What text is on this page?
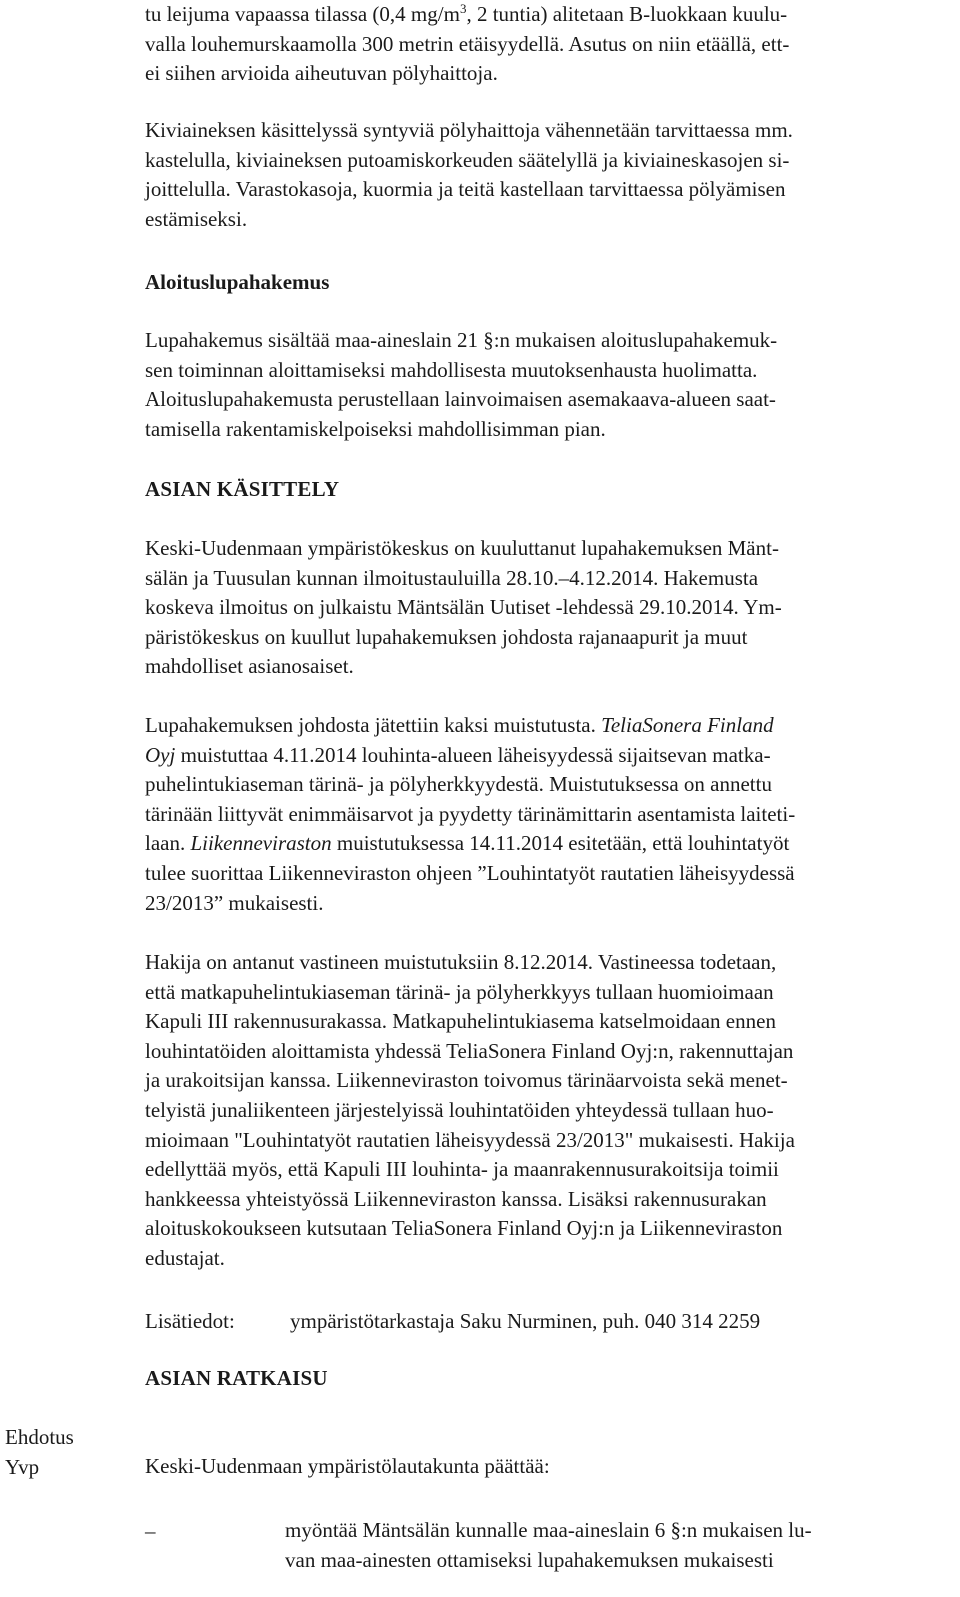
tu leijuma vapaassa tilassa (0,4 $mg/m^3$, 2 tuntia) alitetaan B-luokkaan kuulu-
valla louhemurskaamolla 300 metrin etäisyydellä. Asutus on niin etäällä, ett-
ei siihen arvioida aiheutuvan pölyhaittoja.
Kiviaineksen käsittelyssä syntyviä pölyhaittoja vähennetään tarvittaessa mm.
kastelulla, kiviaineksen putoamiskorkeuden säätelyllä ja kiviaineskasojen si-
joittelulla. Varastokasoja, kuormia ja teitä kastellaan tarvittaessa pölyämisen
estämiseksi.
Aloituslupahakemus
Lupahakemus sisältää maa-aineslain 21 §:n mukaisen aloituslupahakemuk-
sen toiminnan aloittamiseksi mahdollisesta muutoksenhausta huolimatta.
Aloituslupahakemusta perustellaan lainvoimaisen asemakaava-alueen saat-
tamisella rakentamiskelpoiseksi mahdollisimman pian.
ASIAN KÄSITTELY
Keski-Uudenmaan ympäristökeskus on kuuluttanut lupahakemuksen Mänt-
sälän ja Tuusulan kunnan ilmoitustauluilla 28.10.–4.12.2014. Hakemusta
koskeva ilmoitus on julkaistu Mäntsälän Uutiset -lehdessä 29.10.2014. Ym-
päristökeskus on kuullut lupahakemuksen johdosta rajanaapurit ja muut
mahdolliset asianosaiset.
Lupahakemuksen johdosta jätettiin kaksi muistutusta. TeliaSonera Finland
Oyj muistuttaa 4.11.2014 louhinta-alueen läheisyydessä sijaitsevan matka-
puhelintukiaseman tärinä- ja pölyherkkyydestä. Muistutuksessa on annettu
tärinään liittyvät enimmäisarvot ja pyydetty tärinämittarin asentamista laiteti-
laan. Liikenneviraston muistutuksessa 14.11.2014 esitetään, että louhintatyöt
tulee suorittaa Liikenneviraston ohjeen ”Louhintatyöt rautatien läheisyydessä
23/2013” mukaisesti.
Hakija on antanut vastineen muistutuksiin 8.12.2014. Vastineessa todetaan,
että matkapuhelintukiaseman tärinä- ja pölyherkkyys tullaan huomioimaan
Kapuli III rakennusurakassa. Matkapuhelintukiasema katselmoidaan ennen
louhintatöiden aloittamista yhdessä TeliaSonera Finland Oyj:n, rakennuttajan
ja urakoitsijan kanssa. Liikenneviraston toivomus tärinäarvoista sekä menet-
telyistä junaliikenteen järjestelyissä louhintatöiden yhteydessä tullaan huo-
mioimaan "Louhintatyöt rautatien läheisyydessä 23/2013" mukaisesti. Hakija
edellyttää myös, että Kapuli III louhinta- ja maanrakennusurakoitsija toimii
hankkeessa yhteistyössä Liikenneviraston kanssa. Lisäksi rakennusurakan
aloituskokoukseen kutsutaan TeliaSonera Finland Oyj:n ja Liikenneviraston
edustajat.
Lisätiedot:	ympäristötarkastaja Saku Nurminen, puh. 040 314 2259
ASIAN RATKAISU
Ehdotus
Yvp	Keski-Uudenmaan ympäristölautakunta päättää:
–	myöntää Mäntsälän kunnalle maa-aineslain 6 §:n mukaisen lu-
van maa-ainesten ottamiseksi lupahakemuksen mukaisesti
